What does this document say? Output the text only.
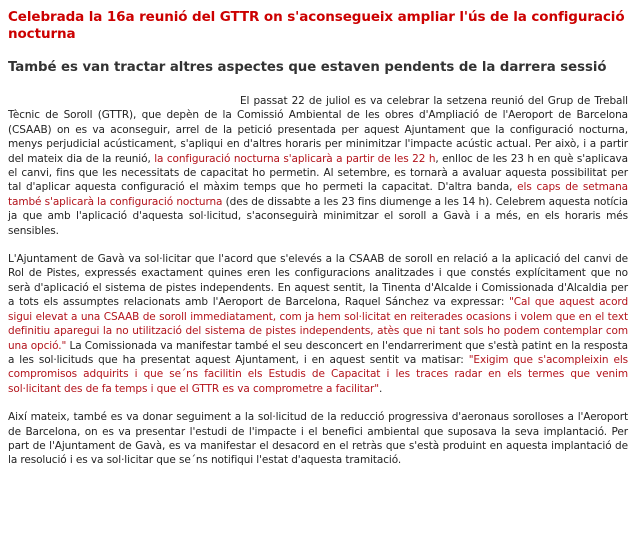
Celebrada la 16a reunió del GTTR on s'aconsegueix ampliar l'ús de la configuració nocturna
També es van tractar altres aspectes que estaven pendents de la darrera sessió

El passat 22 de juliol es va celebrar la setzena reunió del Grup de Treball Tècnic de Soroll (GTTR), que depèn de la Comissió Ambiental de les obres d'Ampliació de l'Aeroport de Barcelona (CSAAB) on es va aconseguir, arrel de la petició presentada per aquest Ajuntament que la configuració nocturna, menys perjudicial acústicament, s'apliqui en d'altres horaris per minimitzar l'impacte acústic actual. Per això, i a partir del mateix dia de la reunió, la configuració nocturna s'aplicarà a partir de les 22 h, enlloc de les 23 h en què s'aplicava el canvi, fins que les necessitats de capacitat ho permetin. Al setembre, es tornarà a avaluar aquesta possibilitat per tal d'aplicar aquesta configuració el màxim temps que ho permeti la capacitat. D'altra banda, els caps de setmana també s'aplicarà la configuració nocturna (des de dissabte a les 23 fins diumenge a les 14 h). Celebrem aquesta notícia ja que amb l'aplicació d'aquesta sol·licitud, s'aconseguirà minimitzar el soroll a Gavà i a més, en els horaris més sensibles.

L'Ajuntament de Gavà va sol·licitar que l'acord que s'elevés a la CSAAB de soroll en relació a la aplicació del canvi de Rol de Pistes, expressés exactament quines eren les configuracions analitzades i que constés explícitament que no serà d'aplicació el sistema de pistes independents. En aquest sentit, la Tinenta d'Alcalde i Comissionada d'Alcaldia per a tots els assumptes relacionats amb l'Aeroport de Barcelona, Raquel Sánchez va expressar: "Cal que aquest acord sigui elevat a una CSAAB de soroll immediatament, com ja hem sol·licitat en reiterades ocasions i volem que en el text definitiu aparegui la no utilització del sistema de pistes independents, atès que ni tant sols ho podem contemplar com una opció." La Comissionada va manifestar també el seu desconcert en l'endarreriment que s'està patint en la resposta a les sol·licituds que ha presentat aquest Ajuntament, i en aquest sentit va matisar: "Exigim que s'acompleixin els compromisos adquirits i que se´ns facilitin els Estudis de Capacitat i les traces radar en els termes que venim sol·licitant des de fa temps i que el GTTR es va comprometre a facilitar".

Així mateix, també es va donar seguiment a la sol·licitud de la reducció progressiva d'aeronaus sorolloses a l'Aeroport de Barcelona, on es va presentar l'estudi de l'impacte i el benefici ambiental que suposava la seva implantació. Per part de l'Ajuntament de Gavà, es va manifestar el desacord en el retràs que s'està produint en aquesta implantació de la resolució i es va sol·licitar que se´ns notifiqui l'estat d'aquesta tramitació.
